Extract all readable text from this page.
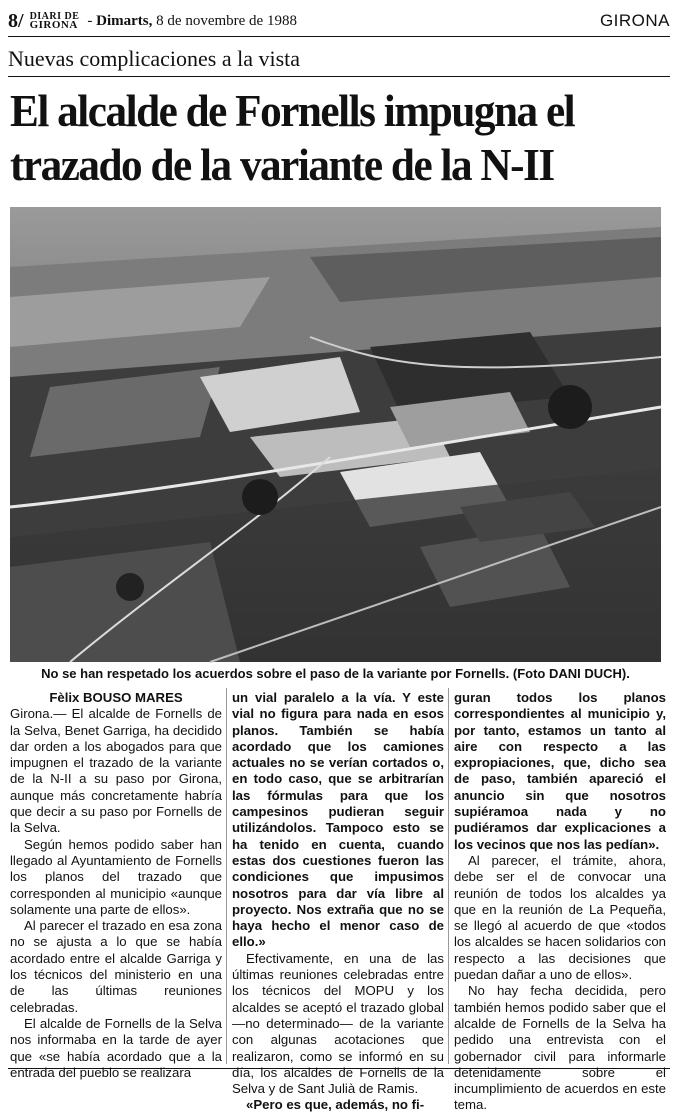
8/ DIARI DE
GIRONA - Dimarts, 8 de novembre de 1988	GIRONA
Nuevas complicaciones a la vista
El alcalde de Fornells impugna el trazado de la variante de la N-II
No se han respetado los acuerdos sobre el paso de la variante por Fornells. (Foto DANI DUCH).
Fèlix BOUSO MARES

Girona.— El alcalde de Fornells de la Selva, Benet Garriga, ha decidido dar orden a los abogados para que impugnen el trazado de la variante de la N-II a su paso por Girona, aunque más concretamente habría que decir a su paso por Fornells de la Selva.

Según hemos podido saber han llegado al Ayuntamiento de Fornells los planos del trazado que corresponden al municipio «aunque solamente una parte de ellos».

Al parecer el trazado en esa zona no se ajusta a lo que se había acordado entre el alcalde Garriga y los técnicos del ministerio en una de las últimas reuniones celebradas.

El alcalde de Fornells de la Selva nos informaba en la tarde de ayer que «se había acordado que a la entrada del pueblo se realizara

un vial paralelo a la vía. Y este vial no figura para nada en esos planos. También se había acordado que los camiones actuales no se verían cortados o, en todo caso, que se arbitrarían las fórmulas para que los campesinos pudieran seguir utilizándolos. Tampoco esto se ha tenido en cuenta, cuando estas dos cuestiones fueron las condiciones que impusimos nosotros para dar vía libre al proyecto. Nos extraña que no se haya hecho el menor caso de ello.»

Efectivamente, en una de las últimas reuniones celebradas entre los técnicos del MOPU y los alcaldes se aceptó el trazado global —no determinado— de la variante con algunas acotaciones que realizaron, como se informó en su día, los alcaldes de Fornells de la Selva y de Sant Julià de Ramis.

«Pero es que, además, no fi-

guran todos los planos correspondientes al municipio y, por tanto, estamos un tanto al aire con respecto a las expropiaciones, que, dicho sea de paso, también apareció el anuncio sin que nosotros supiéramoa nada y no pudiéramos dar explicaciones a los vecinos que nos las pedían».

Al parecer, el trámite, ahora, debe ser el de convocar una reunión de todos los alcaldes ya que en la reunión de La Pequeña, se llegó al acuerdo de que «todos los alcaldes se hacen solidarios con respecto a las decisiones que puedan dañar a uno de ellos».

No hay fecha decidida, pero también hemos podido saber que el alcalde de Fornells de la Selva ha pedido una entrevista con el gobernador civil para informarle detenidamente sobre el incumplimiento de acuerdos en este tema.
